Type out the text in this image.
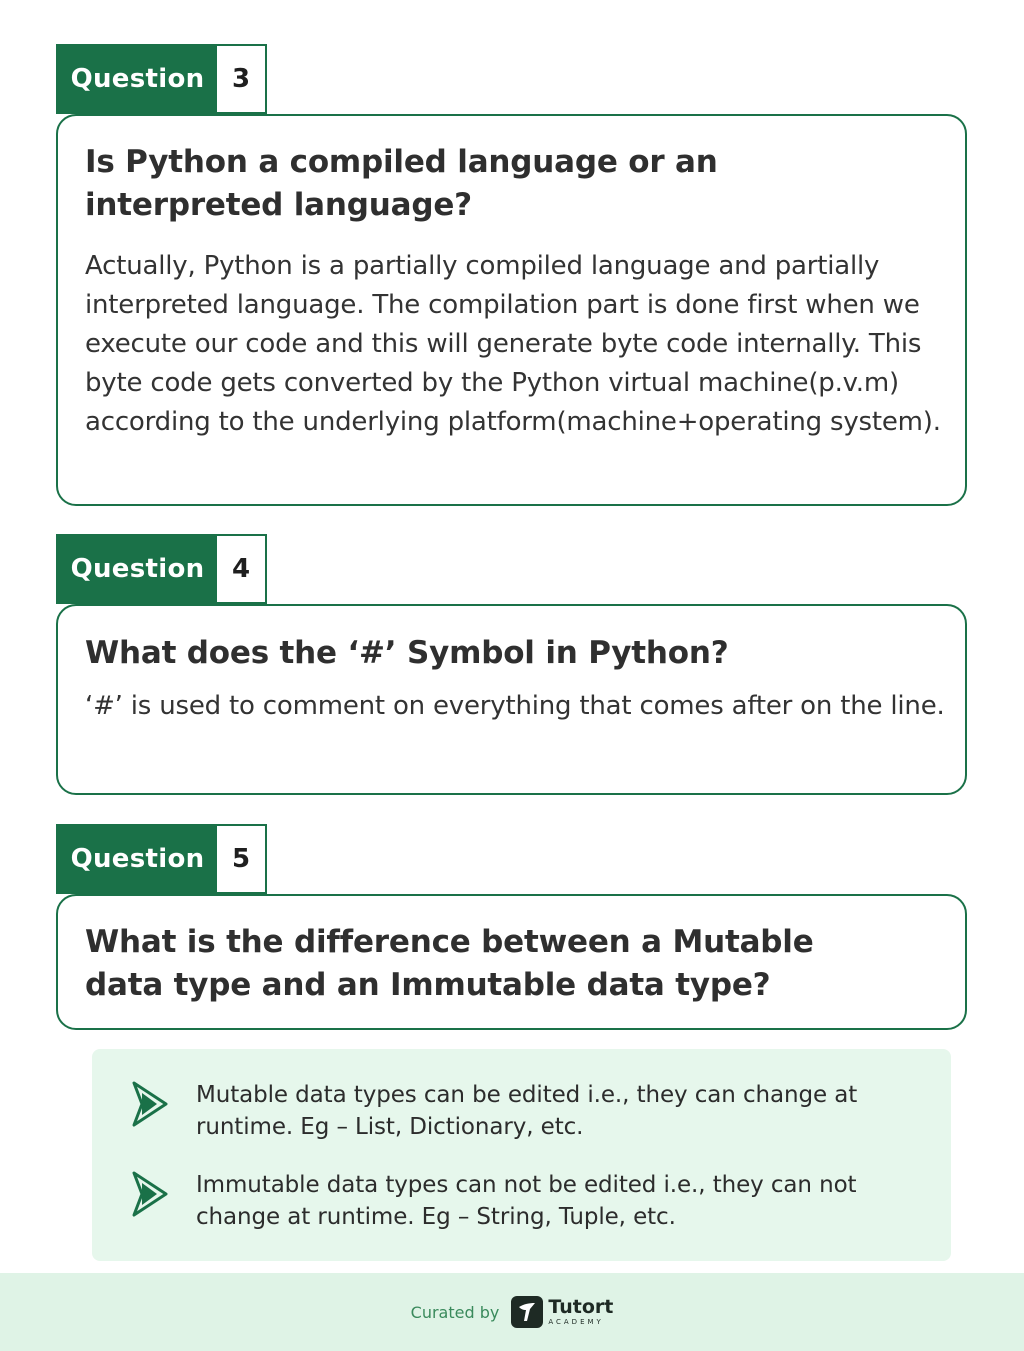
Question	3
Is Python a compiled language or an interpreted language?
Actually, Python is a partially compiled language and partially interpreted language. The compilation part is done first when we execute our code and this will generate byte code internally. This byte code gets converted by the Python virtual machine(p.v.m) according to the underlying platform(machine+operating system).
Question	4
What does the ‘#’ Symbol in Python?
‘#’ is used to comment on everything that comes after on the line.
Question	5
What is the difference between a Mutable data type and an Immutable data type?
Mutable data types can be edited i.e., they can change at runtime. Eg – List, Dictionary, etc.
Immutable data types can not be edited i.e., they can not change at runtime. Eg – String, Tuple, etc.
Curated by	Tutort
ACADEMY
